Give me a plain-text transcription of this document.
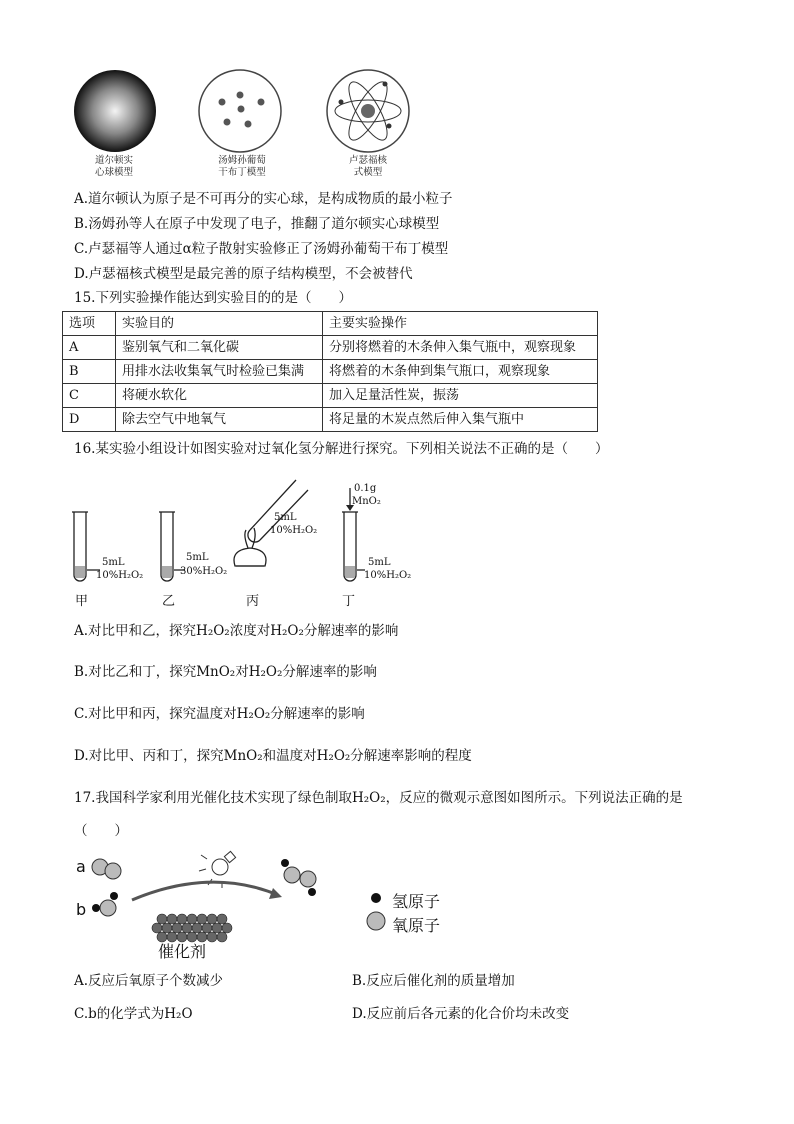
道尔顿实
心球模型
汤姆孙葡萄
干布丁模型
卢瑟福核
式模型
A.道尔顿认为原子是不可再分的实心球，是构成物质的最小粒子
B.汤姆孙等人在原子中发现了电子，推翻了道尔顿实心球模型
C.卢瑟福等人通过α粒子散射实验修正了汤姆孙葡萄干布丁模型
D.卢瑟福核式模型是最完善的原子结构模型，不会被替代
15.下列实验操作能达到实验目的的是（　　）
选项	实验目的	主要实验操作
A	鉴别氧气和二氧化碳	分别将燃着的木条伸入集气瓶中，观察现象
B	用排水法收集氧气时检验已集满	将燃着的木条伸到集气瓶口，观察现象
C	将硬水软化	加入足量活性炭，振荡
D	除去空气中地氧气	将足量的木炭点然后伸入集气瓶中
16.某实验小组设计如图实验对过氧化氢分解进行探究。下列相关说法不正确的是（　　）
5mL
10%H₂O₂
5mL
30%H₂O₂
5mL
10%H₂O₂
0.1g
MnO₂
5mL
10%H₂O₂
甲	乙	丙	丁
A.对比甲和乙，探究H₂O₂浓度对H₂O₂分解速率的影响
B.对比乙和丁，探究MnO₂对H₂O₂分解速率的影响
C.对比甲和丙，探究温度对H₂O₂分解速率的影响
D.对比甲、丙和丁，探究MnO₂和温度对H₂O₂分解速率影响的程度
17.我国科学家利用光催化技术实现了绿色制取H₂O₂，反应的微观示意图如图所示。下列说法正确的是
（　　）
a
b
催化剂
氢原子
氧原子
A.反应后氧原子个数减少	B.反应后催化剂的质量增加
C.b的化学式为H₂O	D.反应前后各元素的化合价均未改变
